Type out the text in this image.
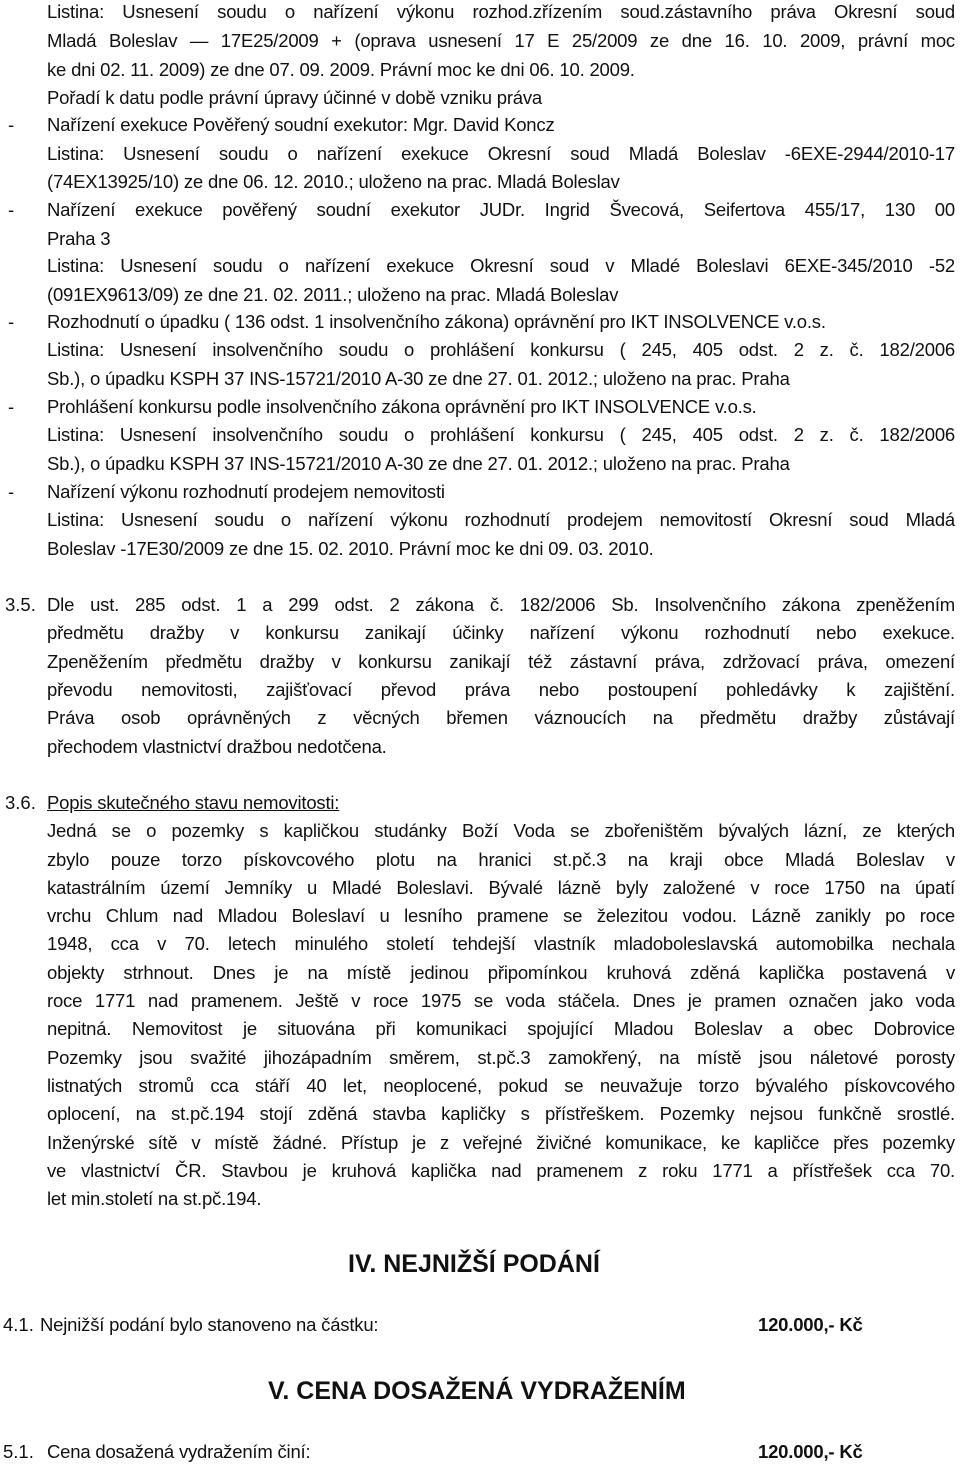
Listina: Usnesení soudu o nařízení výkonu rozhod.zřízením soud.zástavního práva Okresní soud
Mladá Boleslav — 17E25/2009 + (oprava usnesení 17 E 25/2009 ze dne 16. 10. 2009, právní moc
ke dni 02. 11. 2009) ze dne 07. 09. 2009. Právní moc ke dni 06. 10. 2009.
Pořadí k datu podle právní úpravy účinné v době vzniku práva
- Nařízení exekuce Pověřený soudní exekutor: Mgr. David Koncz
Listina: Usnesení soudu o nařízení exekuce Okresní soud Mladá Boleslav -6EXE-2944/2010-17
(74EX13925/10) ze dne 06. 12. 2010.; uloženo na prac. Mladá Boleslav
- Nařízení exekuce pověřený soudní exekutor JUDr. Ingrid Švecová, Seifertova 455/17, 130 00
Praha 3
Listina: Usnesení soudu o nařízení exekuce Okresní soud v Mladé Boleslavi 6EXE-345/2010 -52
(091EX9613/09) ze dne 21. 02. 2011.; uloženo na prac. Mladá Boleslav
- Rozhodnutí o úpadku ( 136 odst. 1 insolvenčního zákona) oprávnění pro IKT INSOLVENCE v.o.s.
Listina: Usnesení insolvenčního soudu o prohlášení konkursu ( 245, 405 odst. 2 z. č. 182/2006
Sb.), o úpadku KSPH 37 INS-15721/2010 A-30 ze dne 27. 01. 2012.; uloženo na prac. Praha
- Prohlášení konkursu podle insolvenčního zákona oprávnění pro IKT INSOLVENCE v.o.s.
Listina: Usnesení insolvenčního soudu o prohlášení konkursu ( 245, 405 odst. 2 z. č. 182/2006
Sb.), o úpadku KSPH 37 INS-15721/2010 A-30 ze dne 27. 01. 2012.; uloženo na prac. Praha
- Nařízení výkonu rozhodnutí prodejem nemovitosti
Listina: Usnesení soudu o nařízení výkonu rozhodnutí prodejem nemovitostí Okresní soud Mladá
Boleslav -17E30/2009 ze dne 15. 02. 2010. Právní moc ke dni 09. 03. 2010.
3.5. Dle ust. 285 odst. 1 a 299 odst. 2 zákona č. 182/2006 Sb. Insolvenčního zákona zpeněžením
předmětu dražby v konkursu zanikají účinky nařízení výkonu rozhodnutí nebo exekuce.
Zpeněžením předmětu dražby v konkursu zanikají též zástavní práva, zdržovací práva, omezení
převodu nemovitosti, zajišťovací převod práva nebo postoupení pohledávky k zajištění.
Práva osob oprávněných z věcných břemen váznoucích na předmětu dražby zůstávají
přechodem vlastnictví dražbou nedotčena.
3.6. Popis skutečného stavu nemovitosti:
Jedná se o pozemky s kapličkou studánky Boží Voda se zbořeništěm bývalých lázní, ze kterých
zbylo pouze torzo pískovcového plotu na hranici st.pč.3 na kraji obce Mladá Boleslav v
katastrálním území Jemníky u Mladé Boleslavi. Bývalé lázně byly založené v roce 1750 na úpatí
vrchu Chlum nad Mladou Boleslaví u lesního pramene se železitou vodou. Lázně zanikly po roce
1948, cca v 70. letech minulého století tehdejší vlastník mladoboleslavská automobilka nechala
objekty strhnout. Dnes je na místě jedinou připomínkou kruhová zděná kaplička postavená v
roce 1771 nad pramenem. Ještě v roce 1975 se voda stáčela. Dnes je pramen označen jako voda
nepitná. Nemovitost je situována při komunikaci spojující Mladou Boleslav a obec Dobrovice
Pozemky jsou svažité jihozápadním směrem, st.pč.3 zamokřený, na místě jsou náletové porosty
listnatých stromů cca stáří 40 let, neoplocené, pokud se neuvažuje torzo bývalého pískovcového
oplocení, na st.pč.194 stojí zděná stavba kapličky s přístřeškem. Pozemky nejsou funkčně srostlé.
Inženýrské sítě v místě žádné. Přístup je z veřejné živičné komunikace, ke kapličce přes pozemky
ve vlastnictví ČR. Stavbou je kruhová kaplička nad pramenem z roku 1771 a přístřešek cca 70.
let min.století na st.pč.194.
IV. NEJNIŽŠÍ PODÁNÍ
4.1. Nejnižší podání bylo stanoveno na částku:	120.000,- Kč
V. CENA DOSAŽENÁ VYDRAŽENÍM
5.1. Cena dosažená vydražením činí:	120.000,- Kč
